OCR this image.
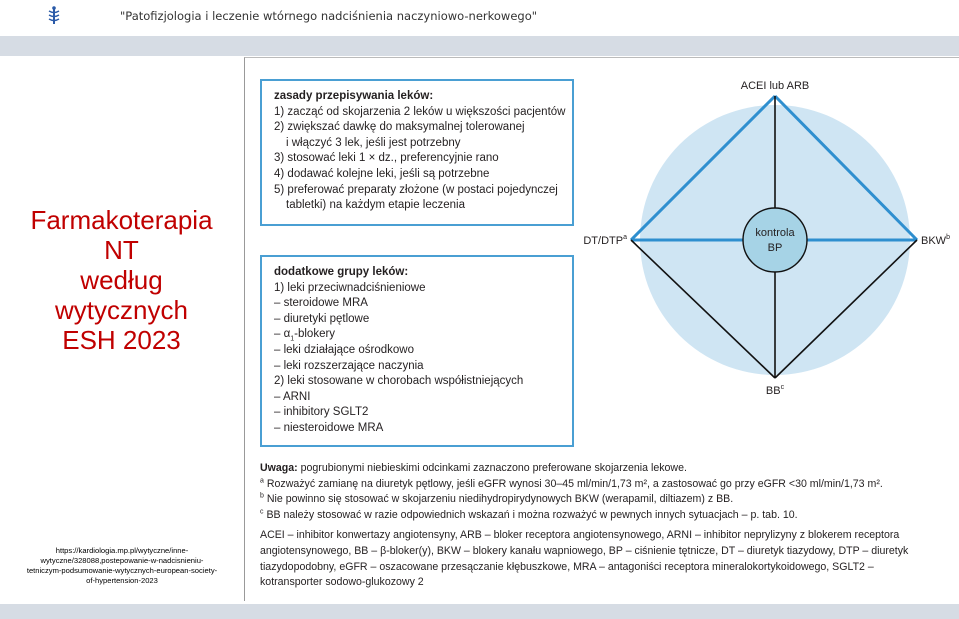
"Patofizjologia i leczenie wtórnego nadciśnienia naczyniowo-nerkowego"
Farmakoterapia
NT
według
wytycznych
ESH 2023
https://kardiologia.mp.pl/wytyczne/inne-
wytyczne/328088,postepowanie-w-nadcisnieniu-
tetniczym-podsumowanie-wytycznych-european-society-
of-hypertension-2023
zasady przepisywania leków:
1) zacząć od skojarzenia 2 leków u większości pacjentów
2) zwiększać dawkę do maksymalnej tolerowanej
i włączyć 3 lek, jeśli jest potrzebny
3) stosować leki 1 × dz., preferencyjnie rano
4) dodawać kolejne leki, jeśli są potrzebne
5) preferować preparaty złożone (w postaci pojedynczej
tabletki) na każdym etapie leczenia
dodatkowe grupy leków:
1) leki przeciwnadciśnieniowe
– steroidowe MRA
– diuretyki pętlowe
– $\alpha_1$-blokery
– leki działające ośrodkowo
– leki rozszerzające naczynia
2) leki stosowane w chorobach współistniejących
– ARNI
– inhibitory SGLT2
– niesteroidowe MRA
kontrola
BP
ACEI lub ARB
DT/DTP$^a$	BKW$^b$
$BB^c$
Uwaga: pogrubionymi niebieskimi odcinkami zaznaczono preferowane skojarzenia lekowe.
$^a$ Rozważyć zamianę na diuretyk pętlowy, jeśli eGFR wynosi 30–45 ml/min/1,73 m², a zastosować go przy eGFR <30 ml/min/1,73 m².
$^b$ Nie powinno się stosować w skojarzeniu niedihydropirydynowych BKW (werapamil, diltiazem) z BB.
$^c$ BB należy stosować w razie odpowiednich wskazań i można rozważyć w pewnych innych sytuacjach – p. tab. 10.
ACEI – inhibitor konwertazy angiotensyny, ARB – bloker receptora angiotensynowego, ARNI – inhibitor neprylizyny z blokerem receptora
angiotensynowego, BB – β-bloker(y), BKW – blokery kanału wapniowego, BP – ciśnienie tętnicze, DT – diuretyk tiazydowy, DTP – diuretyk
tiazydopodobny, eGFR – oszacowane przesączanie kłębuszkowe, MRA – antagoniści receptora mineralokortykoidowego, SGLT2 –
kotransporter sodowo-glukozowy 2
